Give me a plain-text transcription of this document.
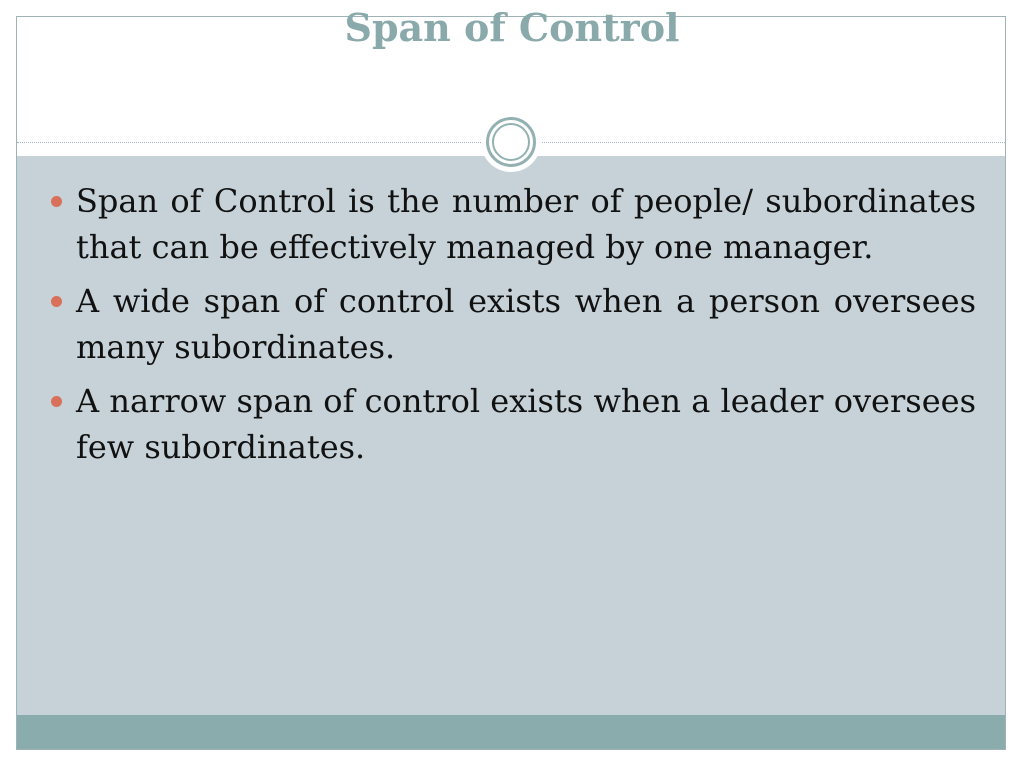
Span of Control
Span of Control is the number of people/ subordinates that can be effectively managed by one manager.
A wide span of control exists when a person oversees many subordinates.
A narrow span of control exists when a leader oversees few subordinates.
